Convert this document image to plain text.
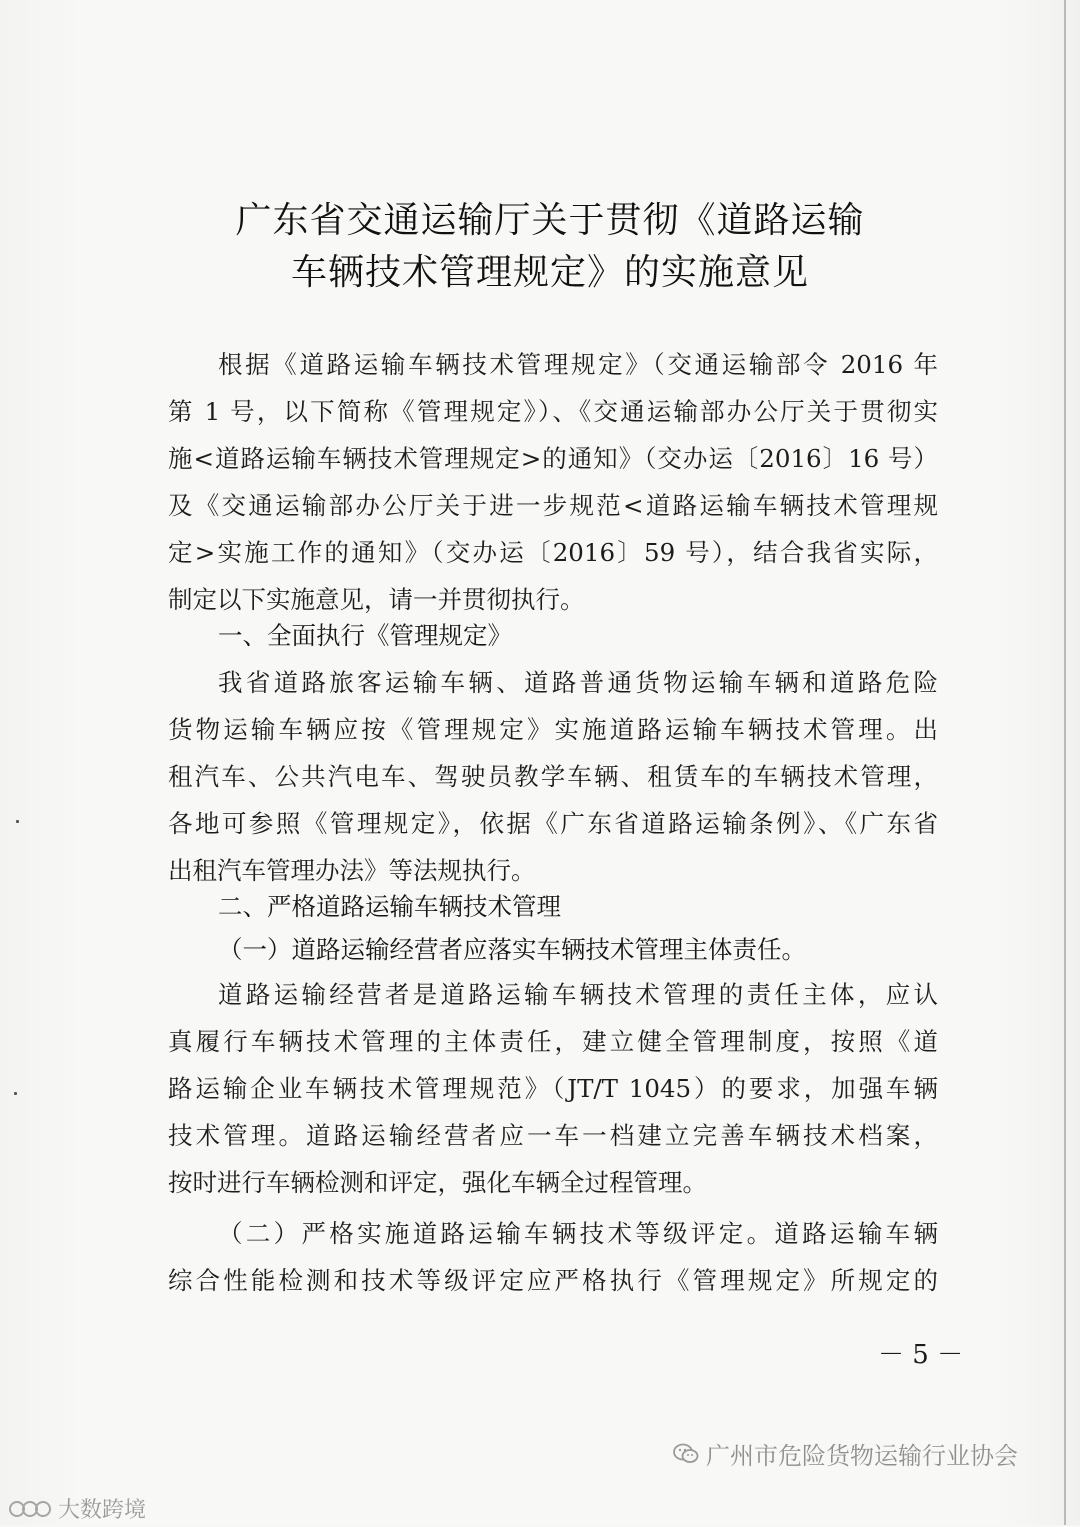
广东省交通运输厅关于贯彻《道路运输
车辆技术管理规定》的实施意见
根据《道路运输车辆技术管理规定》（交通运输部令 2016 年
第 1 号，以下简称《管理规定》）、《交通运输部办公厅关于贯彻实
施<道路运输车辆技术管理规定>的通知》（交办运〔2016〕16 号）
及《交通运输部办公厅关于进一步规范<道路运输车辆技术管理规
定>实施工作的通知》（交办运〔2016〕59 号），结合我省实际，
制定以下实施意见，请一并贯彻执行。
一、全面执行《管理规定》
我省道路旅客运输车辆、道路普通货物运输车辆和道路危险
货物运输车辆应按《管理规定》实施道路运输车辆技术管理。出
租汽车、公共汽电车、驾驶员教学车辆、租赁车的车辆技术管理，
各地可参照《管理规定》，依据《广东省道路运输条例》、《广东省
出租汽车管理办法》等法规执行。
二、严格道路运输车辆技术管理
（一）道路运输经营者应落实车辆技术管理主体责任。
道路运输经营者是道路运输车辆技术管理的责任主体，应认
真履行车辆技术管理的主体责任，建立健全管理制度，按照《道
路运输企业车辆技术管理规范》（JT/T 1045）的要求，加强车辆
技术管理。道路运输经营者应一车一档建立完善车辆技术档案，
按时进行车辆检测和评定，强化车辆全过程管理。
（二）严格实施道路运输车辆技术等级评定。道路运输车辆
综合性能检测和技术等级评定应严格执行《管理规定》所规定的
－ 5 －
广州市危险货物运输行业协会
大数跨境
